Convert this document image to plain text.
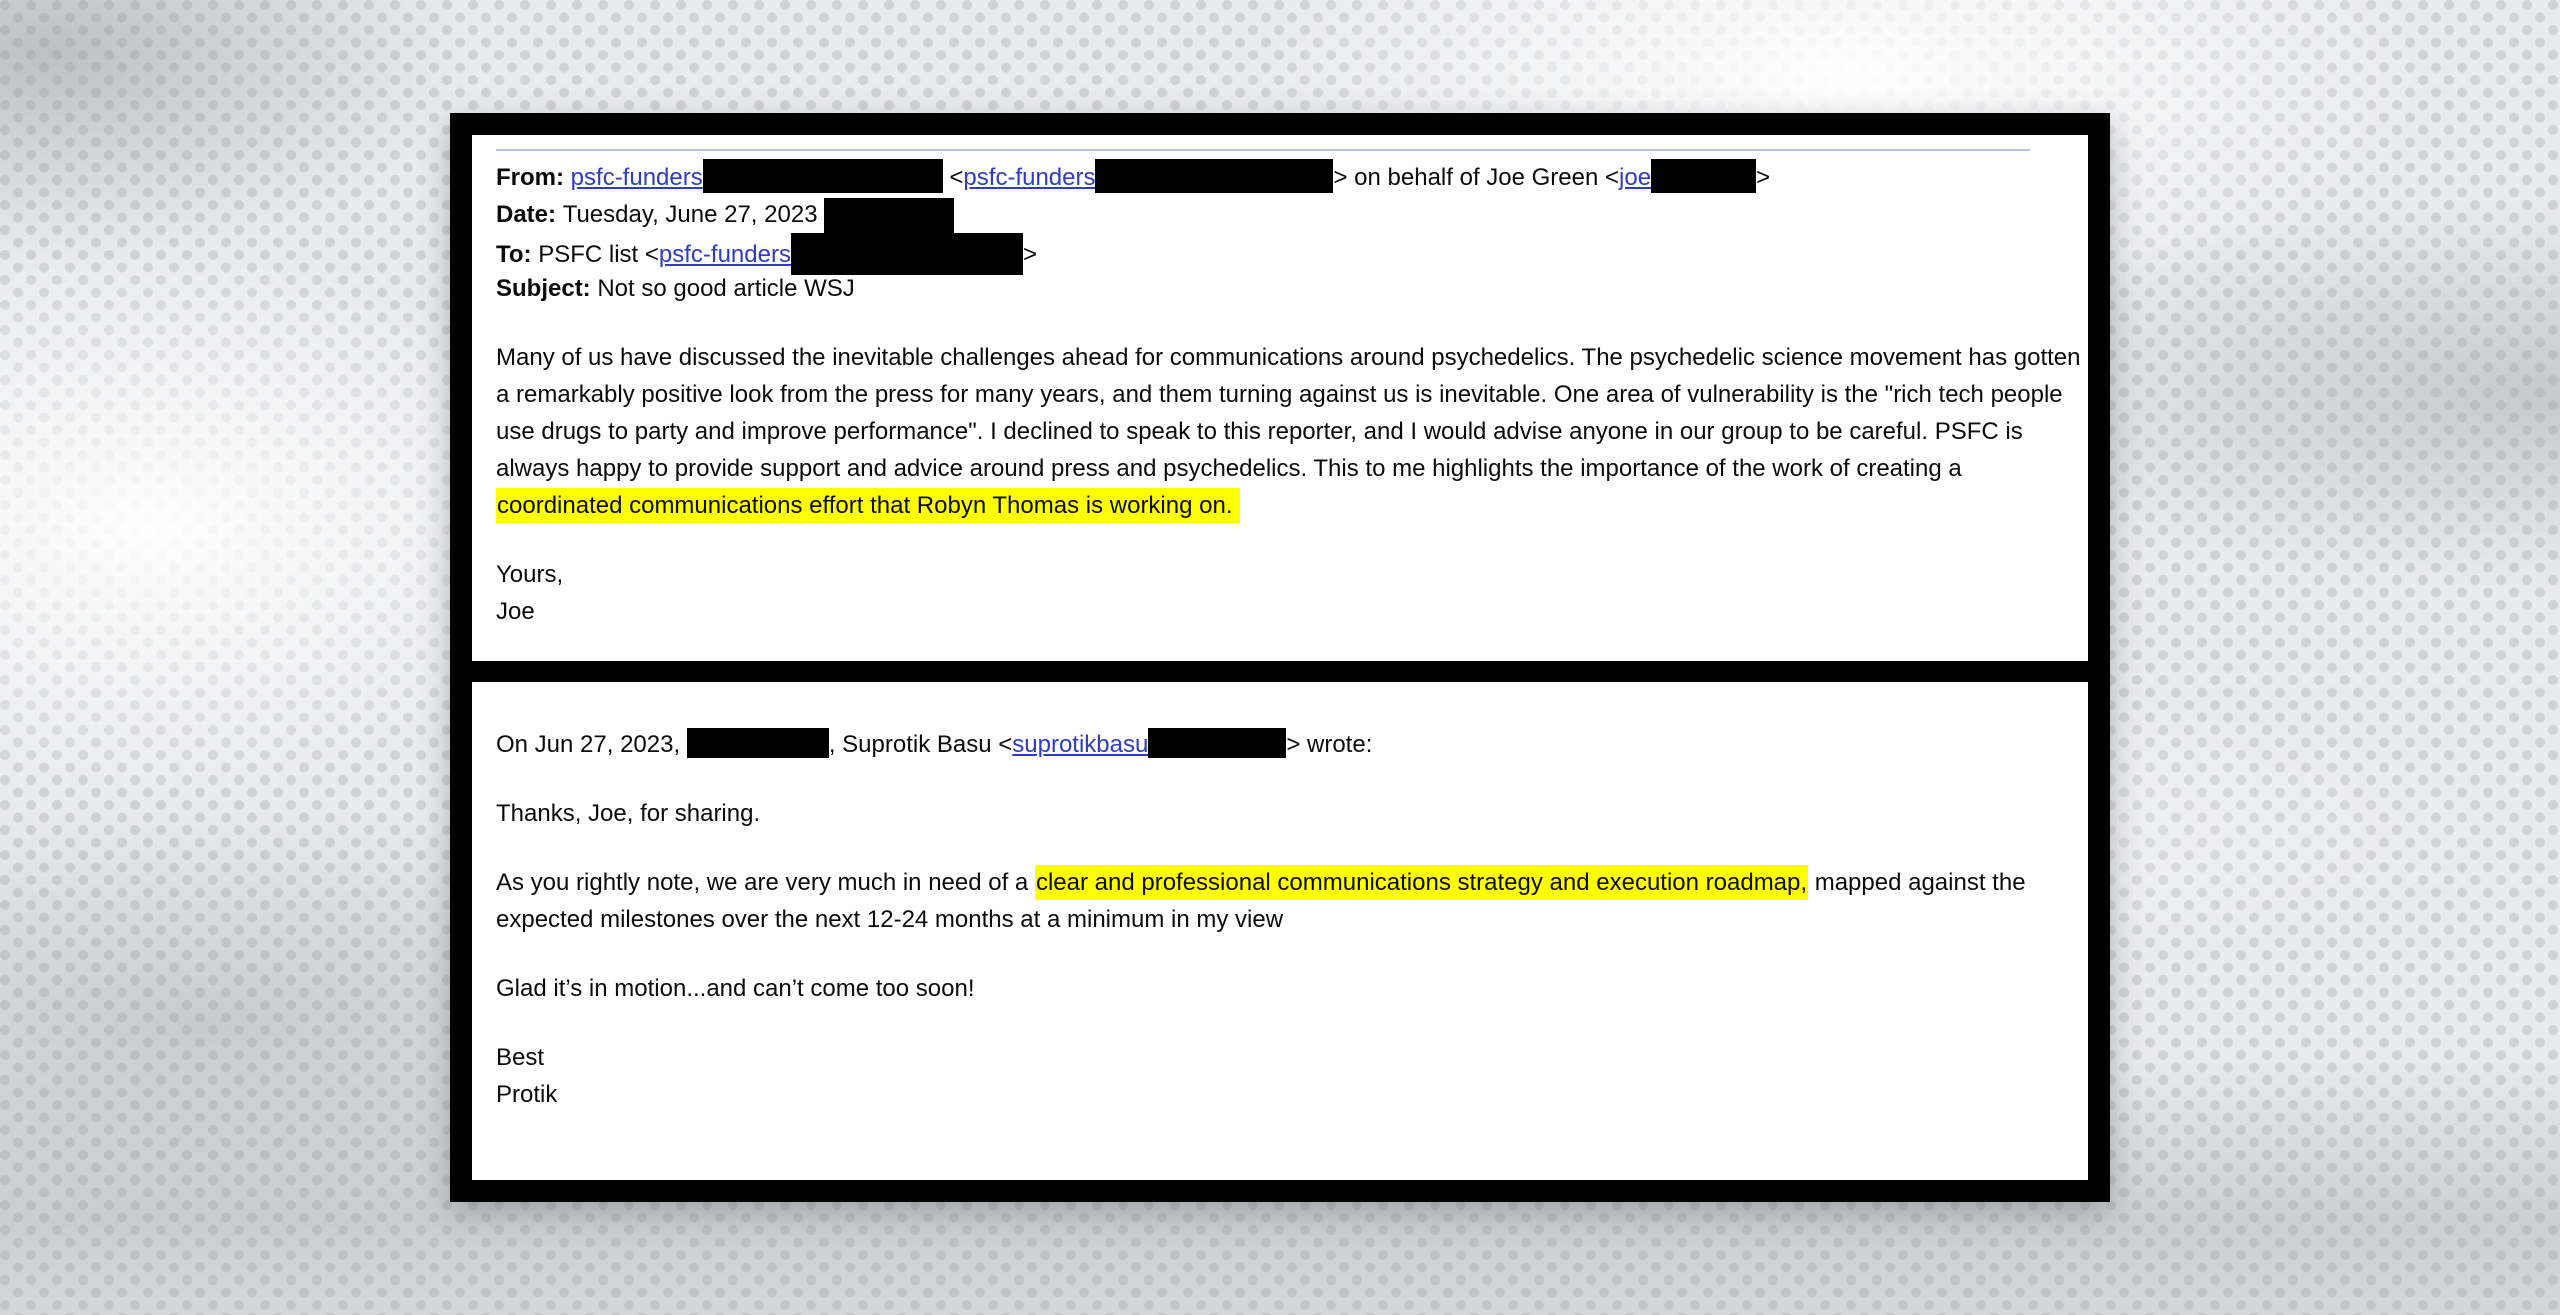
From: psfc-funders	<psfc-funders	> on behalf of Joe Green <joe	>
Date: Tuesday, June 27, 2023
To: PSFC list <psfc-funders	>
Subject: Not so good article WSJ
Many of us have discussed the inevitable challenges ahead for communications around psychedelics. The psychedelic science movement has gotten
a remarkably positive look from the press for many years, and them turning against us is inevitable. One area of vulnerability is the "rich tech people
use drugs to party and improve performance". I declined to speak to this reporter, and I would advise anyone in our group to be careful. PSFC is
always happy to provide support and advice around press and psychedelics. This to me highlights the importance of the work of creating a
coordinated communications effort that Robyn Thomas is working on.
Yours,
Joe
On Jun 27, 2023,	, Suprotik Basu <suprotikbasu	> wrote:
Thanks, Joe, for sharing.
As you rightly note, we are very much in need of a clear and professional communications strategy and execution roadmap, mapped against the
expected milestones over the next 12-24 months at a minimum in my view
Glad it’s in motion...and can’t come too soon!
Best
Protik
